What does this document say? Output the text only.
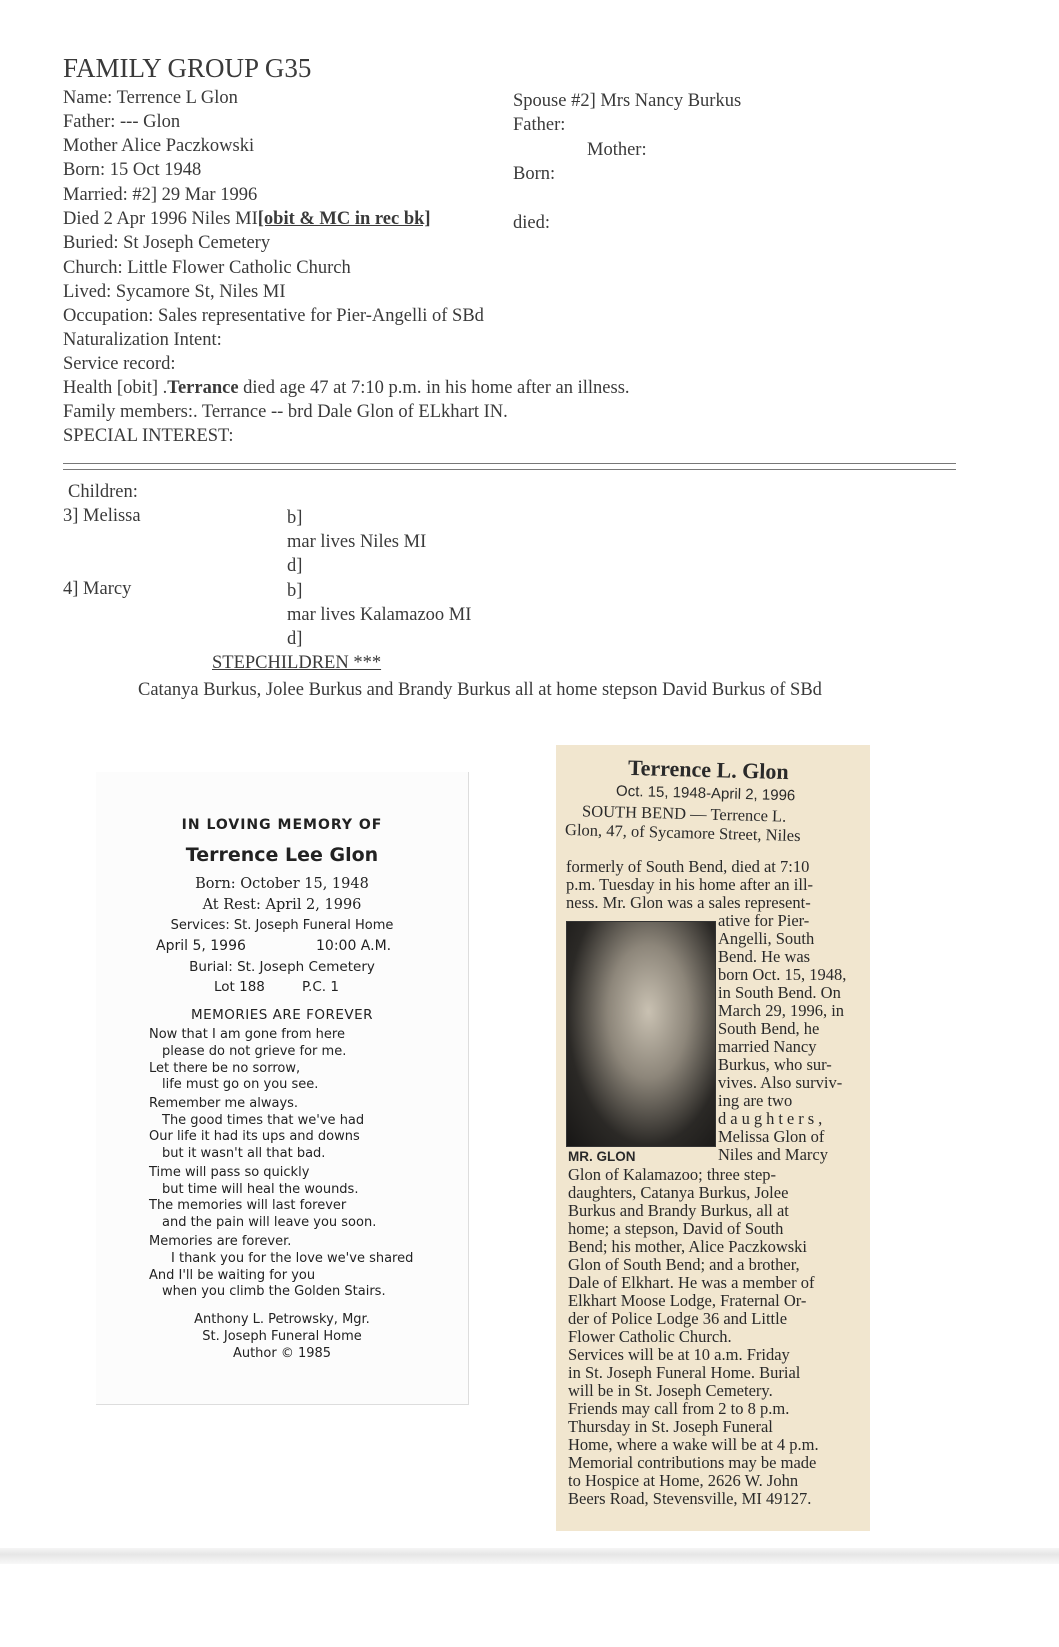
FAMILY GROUP G35
Name: Terrence L Glon
Father: --- Glon
Mother Alice Paczkowski
Born: 15 Oct 1948
Married: #2] 29 Mar 1996
Died 2 Apr 1996 Niles MI[obit & MC in rec bk]
Buried: St Joseph Cemetery
Church: Little Flower Catholic Church
Lived: Sycamore St, Niles MI
Occupation: Sales representative for Pier-Angelli of SBd
Naturalization Intent:
Service record:
Health [obit] .Terrance died age 47 at 7:10 p.m. in his home after an illness.
Family members:. Terrance -- brd Dale Glon of ELkhart IN.
SPECIAL INTEREST:
Spouse #2] Mrs Nancy Burkus
Father:
Mother:
Born:
died:
Children:
3] Melissa	b]
mar lives Niles MI
d]
4] Marcy	b]
mar lives Kalamazoo MI
d]
STEPCHILDREN ***
Catanya Burkus, Jolee Burkus and Brandy Burkus all at home stepson David Burkus of SBd
IN LOVING MEMORY OF
Terrence Lee Glon
Born: October 15, 1948
At Rest: April 2, 1996
Services: St. Joseph Funeral Home
April 5, 1996	10:00 A.M.
Burial: St. Joseph Cemetery
Lot 188	P.C. 1
MEMORIES ARE FOREVER
Now that I am gone from here
please do not grieve for me.
Let there be no sorrow,
life must go on you see.
Remember me always.
The good times that we've had
Our life it had its ups and downs
but it wasn't all that bad.
Time will pass so quickly
but time will heal the wounds.
The memories will last forever
and the pain will leave you soon.
Memories are forever.
I thank you for the love we've shared
And I'll be waiting for you
when you climb the Golden Stairs.
Anthony L. Petrowsky, Mgr.
St. Joseph Funeral Home
Author © 1985
Terrence L. Glon
Oct. 15, 1948-April 2, 1996
SOUTH BEND — Terrence L.
Glon, 47, of Sycamore Street, Niles
formerly of South Bend, died at 7:10
p.m. Tuesday in his home after an ill-
ness. Mr. Glon was a sales represent-
ative for Pier-
Angelli, South
Bend. He was
born Oct. 15, 1948,
in South Bend. On
March 29, 1996, in
South Bend, he
married Nancy
Burkus, who sur-
vives. Also surviv-
ing are two
daughters,
Melissa Glon of
Niles and Marcy
MR. GLON
Glon of Kalamazoo; three step-
daughters, Catanya Burkus, Jolee
Burkus and Brandy Burkus, all at
home; a stepson, David of South
Bend; his mother, Alice Paczkowski
Glon of South Bend; and a brother,
Dale of Elkhart. He was a member of
Elkhart Moose Lodge, Fraternal Or-
der of Police Lodge 36 and Little
Flower Catholic Church.
Services will be at 10 a.m. Friday
in St. Joseph Funeral Home. Burial
will be in St. Joseph Cemetery.
Friends may call from 2 to 8 p.m.
Thursday in St. Joseph Funeral
Home, where a wake will be at 4 p.m.
Memorial contributions may be made
to Hospice at Home, 2626 W. John
Beers Road, Stevensville, MI 49127.
